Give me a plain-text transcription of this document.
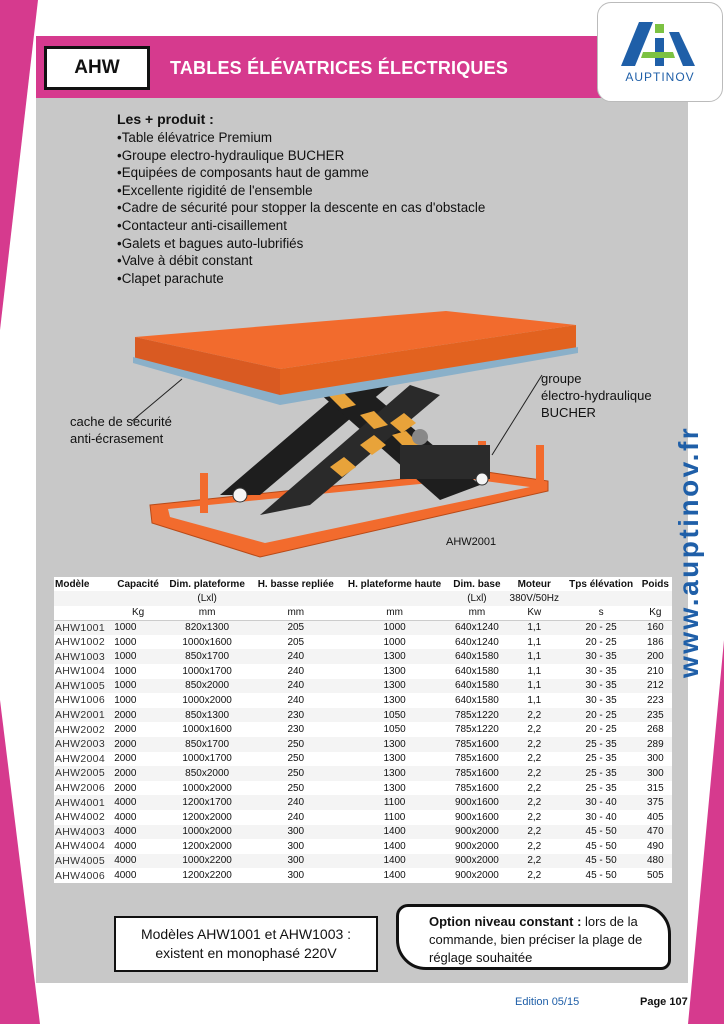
AHW	TABLES ÉLÉVATRICES ÉLECTRIQUES	AUPTINOV
www.auptinov.fr
Les + produit :
• Table élévatrice Premium
• Groupe electro-hydraulique BUCHER
• Equipées de composants haut de gamme
• Excellente rigidité de l'ensemble
• Cadre de sécurité pour stopper la descente en cas d'obstacle
• Contacteur anti-cisaillement
• Galets et bagues auto-lubrifiés
• Valve à débit constant
• Clapet parachute
cache de sécurité
anti-écrasement
groupe
électro-hydraulique
BUCHER
AHW2001
Modèle	Capacité	Dim. plateforme	H. basse repliée	H. plateforme haute	Dim. base	Moteur	Tps élévation	Poids
		(Lxl)			(Lxl)	380V/50Hz		
	Kg	mm	mm	mm	mm	Kw	s	Kg
AHW1001	1000	820x1300	205	1000	640x1240	1,1	20 - 25	160
AHW1002	1000	1000x1600	205	1000	640x1240	1,1	20 - 25	186
AHW1003	1000	850x1700	240	1300	640x1580	1,1	30 - 35	200
AHW1004	1000	1000x1700	240	1300	640x1580	1,1	30 - 35	210
AHW1005	1000	850x2000	240	1300	640x1580	1,1	30 - 35	212
AHW1006	1000	1000x2000	240	1300	640x1580	1,1	30 - 35	223
AHW2001	2000	850x1300	230	1050	785x1220	2,2	20 - 25	235
AHW2002	2000	1000x1600	230	1050	785x1220	2,2	20 - 25	268
AHW2003	2000	850x1700	250	1300	785x1600	2,2	25 - 35	289
AHW2004	2000	1000x1700	250	1300	785x1600	2,2	25 - 35	300
AHW2005	2000	850x2000	250	1300	785x1600	2,2	25 - 35	300
AHW2006	2000	1000x2000	250	1300	785x1600	2,2	25 - 35	315
AHW4001	4000	1200x1700	240	1100	900x1600	2,2	30 - 40	375
AHW4002	4000	1200x2000	240	1100	900x1600	2,2	30 - 40	405
AHW4003	4000	1000x2000	300	1400	900x2000	2,2	45 - 50	470
AHW4004	4000	1200x2000	300	1400	900x2000	2,2	45 - 50	490
AHW4005	4000	1000x2200	300	1400	900x2000	2,2	45 - 50	480
AHW4006	4000	1200x2200	300	1400	900x2000	2,2	45 - 50	505
Modèles AHW1001 et AHW1003 :
existent en monophasé 220V
Option niveau constant : lors de la commande, bien préciser la plage de réglage souhaitée
Edition 05/15	Page 107
